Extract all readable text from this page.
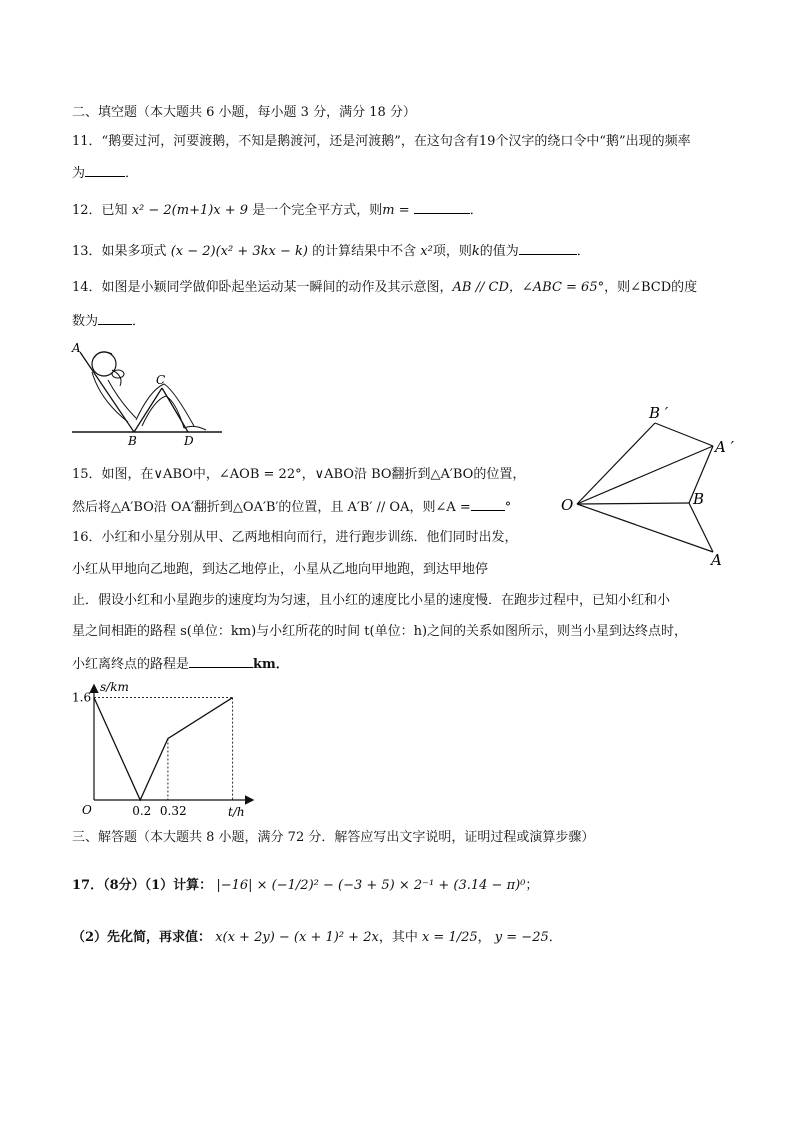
二、填空题（本大题共 6 小题，每小题 3 分，满分 18 分）
11．“鹅要过河，河要渡鹅，不知是鹅渡河，还是河渡鹅”，在这句含有19个汉字的绕口令中“鹅”出现的频率
为	．
12．已知 x² − 2(m+1)x + 9 是一个完全平方式，则m =	．
13．如果多项式 (x − 2)(x² + 3kx − k) 的计算结果中不含 x²项，则k的值为	．
14．如图是小颖同学做仰卧起坐运动某一瞬间的动作及其示意图，AB // CD，∠ABC = 65°，则∠BCD的度
数为	．
A
C
B	D
15．如图，在∨ABO中，∠AOB = 22°，∨ABO沿 BO翻折到△A′BO的位置，
然后将△A′BO沿 OA′翻折到△OA′B′的位置，且 A′B′ // OA，则∠A =	°
B ′
A ′
O	B
A
16．小红和小星分别从甲、乙两地相向而行，进行跑步训练．他们同时出发，
小红从甲地向乙地跑，到达乙地停止，小星从乙地向甲地跑，到达甲地停
止．假设小红和小星跑步的速度均为匀速，且小红的速度比小星的速度慢．在跑步过程中，已知小红和小
星之间相距的路程 s(单位：km)与小红所花的时间 t(单位：h)之间的关系如图所示，则当小星到达终点时，
小红离终点的路程是	km．
1.6
0.2 0.32
s/km
t/h
O
三、解答题（本大题共 8 小题，满分 72 分．解答应写出文字说明，证明过程或演算步骤）
17．（8分）（1）计算： |−16| × (−1/2)² − (−3 + 5) × 2⁻¹ + (3.14 − π)⁰；
（2）先化简，再求值： x(x + 2y) − (x + 1)² + 2x，其中 x = 1/25， y = −25．
